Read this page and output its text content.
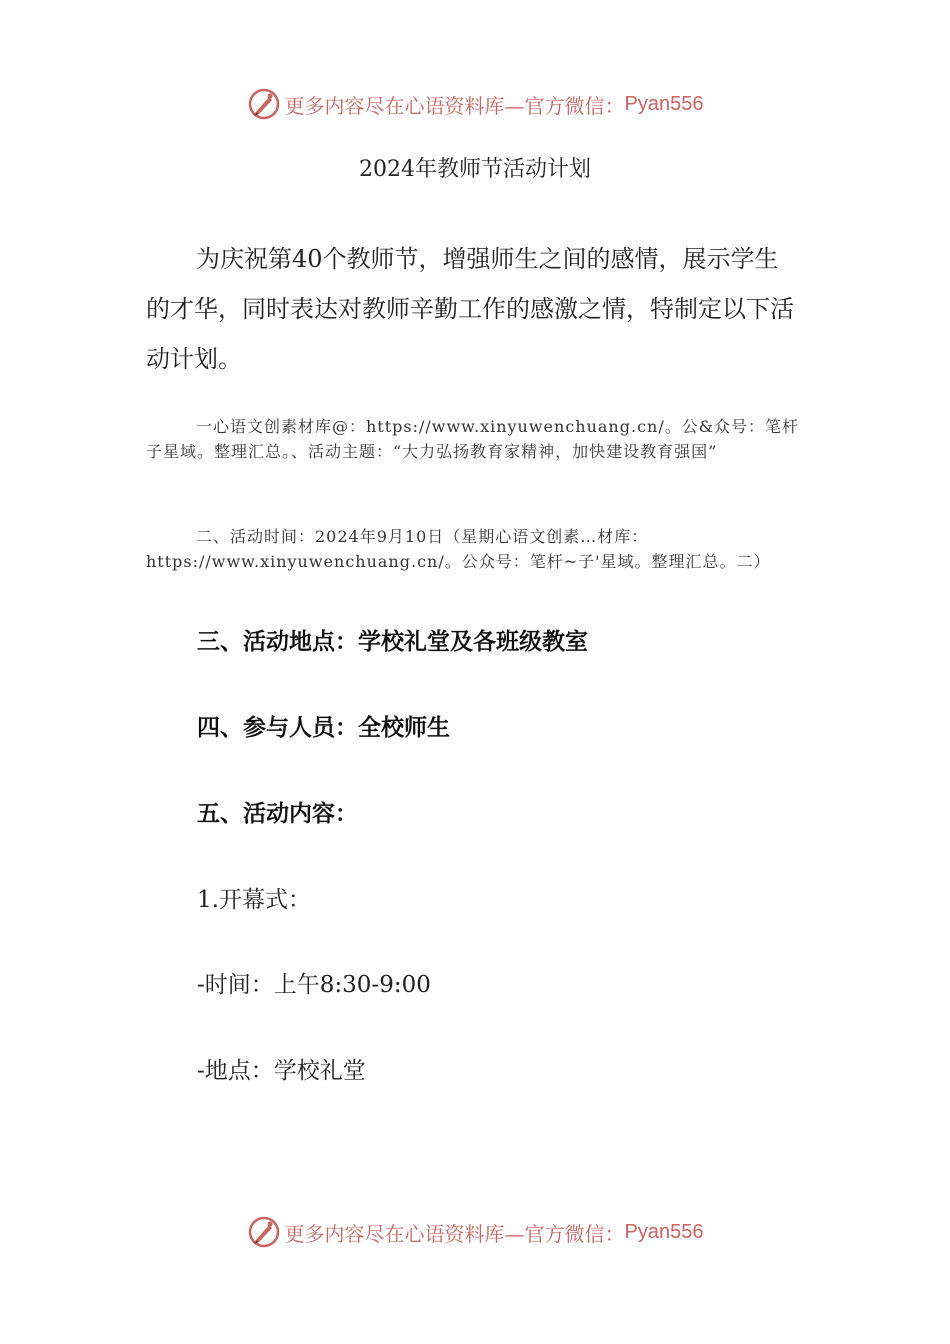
更多内容尽在心语资料库—官方微信： Pyan556
2024年教师节活动计划

为庆祝第40个教师节，增强师生之间的感情，展示学生的才华，同时表达对教师辛勤工作的感激之情，特制定以下活动计划。

一心语文创素材库@：https://www.xinyuwenchuang.cn/。公&众号：笔杆子星域。整理汇总。、活动主题：“大力弘扬教育家精神，加快建设教育强国”

二、活动时间：2024年9月10日（星期心语文创素…材库：https://www.xinyuwenchuang.cn/。公众号：笔杆~子'星域。整理汇总。二）

三、活动地点：学校礼堂及各班级教室

四、参与人员：全校师生

五、活动内容：

1.开幕式：

-时间：上午8:30-9:00

-地点：学校礼堂

更多内容尽在心语资料库—官方微信： Pyan556
